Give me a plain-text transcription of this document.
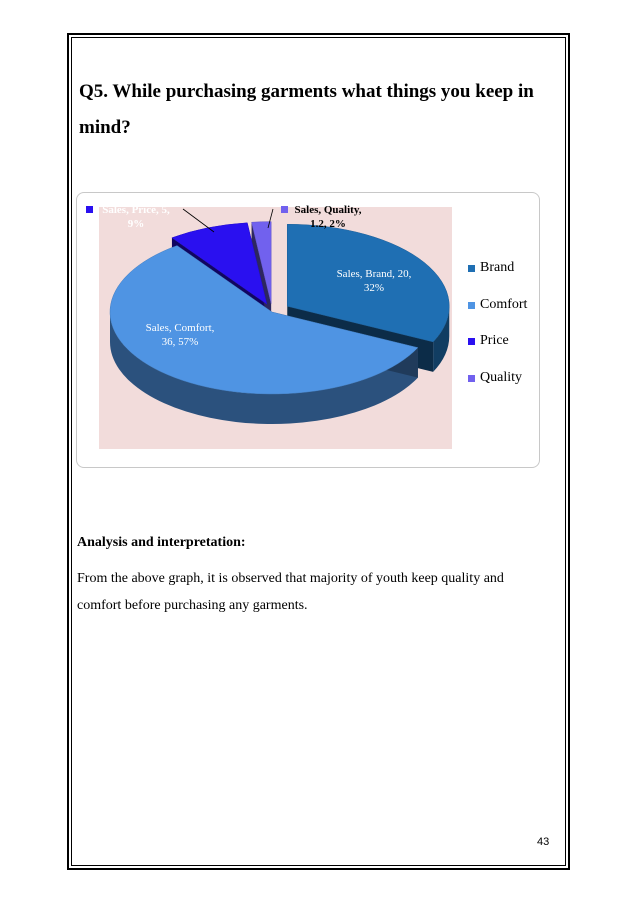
Q5. While purchasing garments what things you keep in mind?

Sales, Price, 5,
9%
Sales, Quality,
1.2, 2%
Sales, Brand, 20,
32%
Sales, Comfort,
36, 57%
Brand
Comfort
Price
Quality

Analysis and interpretation:

From the above graph, it is observed that majority of youth keep quality and comfort before purchasing any garments.

43
